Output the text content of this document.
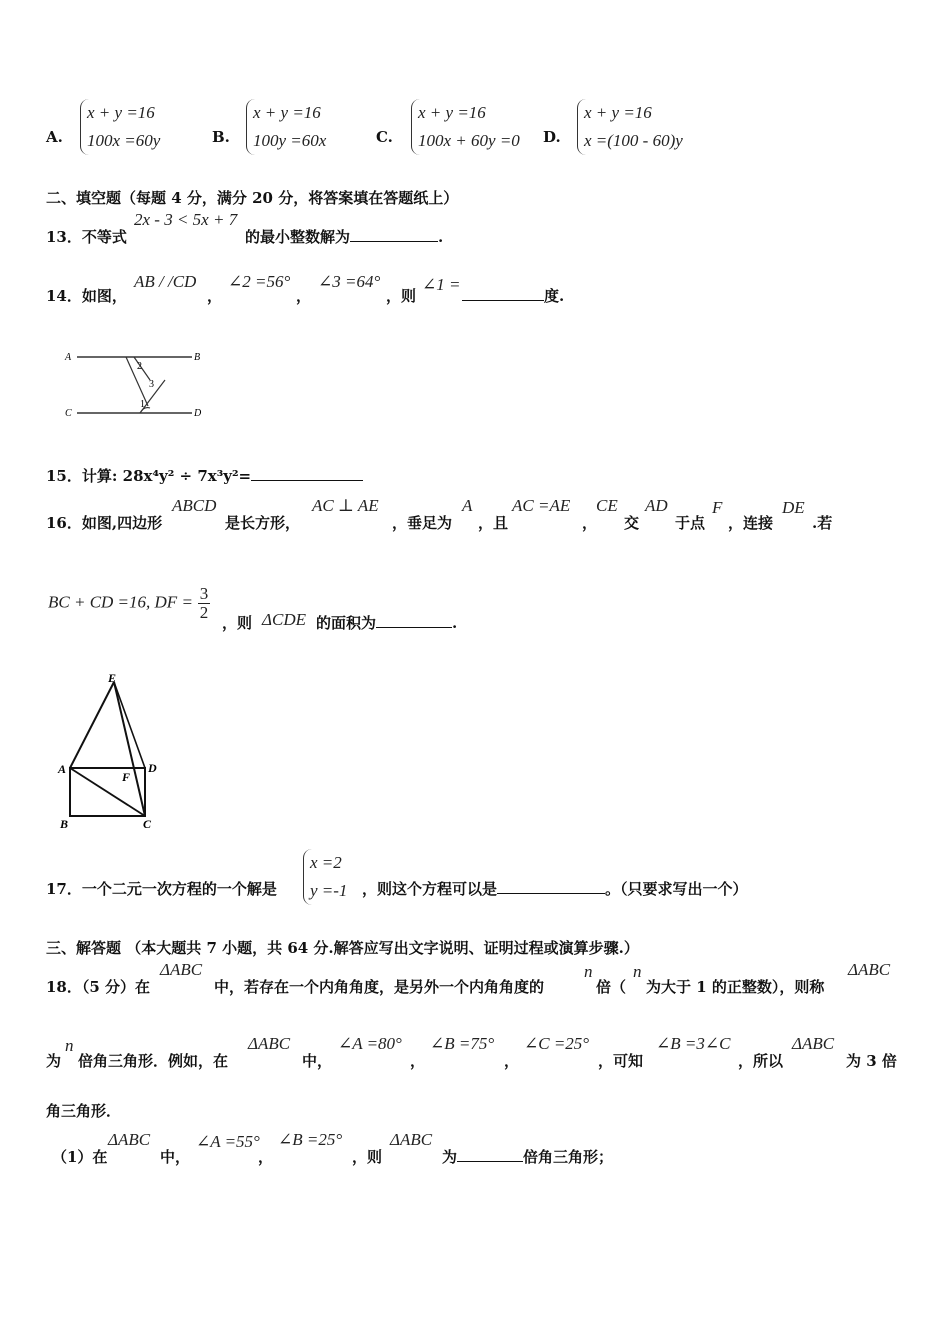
A.
x + y =16
100x =60y	B.
x + y =16
100y =60x	C.
x + y =16
100x + 60y =0 D.
x + y =16
x =(100 - 60)y
二、填空题（每题 4 分，满分 20 分，将答案填在答题纸上）
13．不等式
2x - 3 < 5x + 7
的最小整数解为	.
14．如图，
AB / /CD
，
∠2 =56°
，
∠3 =64°
，则
∠1 =
度.
A	B
C	D
2
3
1
15．计算: 28x⁴y² ÷ 7x³y²=
16．如图,四边形
ABCD
是长方形，
AC ⊥ AE
，垂足为
A
，且
AC =AE
，
CE
交
AD
于点
F
，连接
DE
.若
BC + CD =16, DF = $\frac{3}{2}$
，则 ΔCDE 的面积为	.
E
A	D
F
B	C
17．一个二元一次方程的一个解是
x =2
y =-1 ，则这个方程可以是	。（只要求写出一个）
三、解答题 （本大题共 7 小题，共 64 分.解答应写出文字说明、证明过程或演算步骤.）
18．（5 分）在
ΔABC
中，若存在一个内角角度，是另外一个内角角度的
n
倍（
n
为大于 1 的正整数），则称
ΔABC
为
n
倍角三角形．例如，在
ΔABC
中，
∠A =80°
，
∠B =75°
，
∠C =25°
，可知
∠B =3∠C
，所以
ΔABC
为 3 倍
角三角形．
（1）在
ΔABC
中，
∠A =55°
，
∠B =25°
，则
ΔABC
为	倍角三角形；
